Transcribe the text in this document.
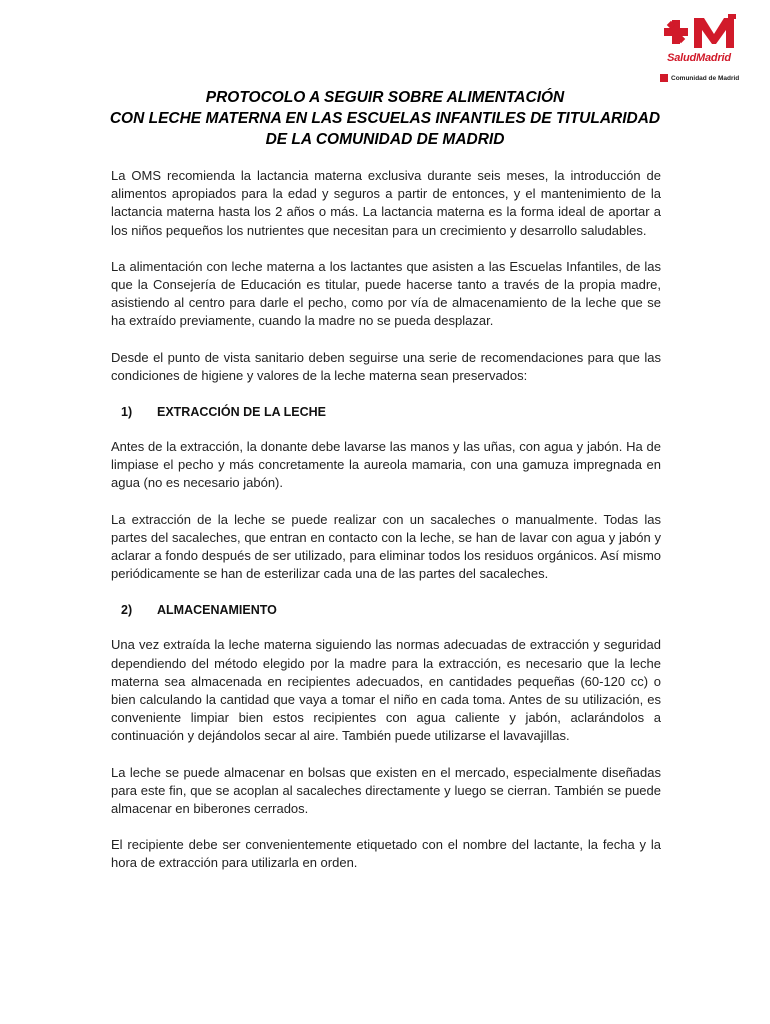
SaludMadrid
Comunidad de Madrid
PROTOCOLO A SEGUIR SOBRE ALIMENTACIÓN
CON LECHE MATERNA EN LAS ESCUELAS INFANTILES DE TITULARIDAD
DE LA COMUNIDAD DE MADRID

La OMS recomienda la lactancia materna exclusiva durante seis meses, la introducción de alimentos apropiados para la edad y seguros a partir de entonces, y el mantenimiento de la lactancia materna hasta los 2 años o más. La lactancia materna es la forma ideal de aportar a los niños pequeños los nutrientes que necesitan para un crecimiento y desarrollo saludables.

La alimentación con leche materna a los lactantes que asisten a las Escuelas Infantiles, de las que la Consejería de Educación es titular, puede hacerse tanto a través de la propia madre, asistiendo al centro para darle el pecho, como por vía de almacenamiento de la leche que se ha extraído previamente, cuando la madre no se pueda desplazar.

Desde el punto de vista sanitario deben seguirse una serie de recomendaciones para que las condiciones de higiene y valores de la leche materna sean preservados:

1) EXTRACCIÓN DE LA LECHE

Antes de la extracción, la donante debe lavarse las manos y las uñas, con agua y jabón. Ha de limpiase el pecho y más concretamente la aureola mamaria, con una gamuza impregnada en agua (no es necesario jabón).

La extracción de la leche se puede realizar con un sacaleches o manualmente. Todas las partes del sacaleches, que entran en contacto con la leche, se han de lavar con agua y jabón y aclarar a fondo después de ser utilizado, para eliminar todos los residuos orgánicos. Así mismo periódicamente se han de esterilizar cada una de las partes del sacaleches.

2) ALMACENAMIENTO

Una vez extraída la leche materna siguiendo las normas adecuadas de extracción y seguridad dependiendo del método elegido por la madre para la extracción, es necesario que la leche materna sea almacenada en recipientes adecuados, en cantidades pequeñas (60-120 cc) o bien calculando la cantidad que vaya a tomar el niño en cada toma. Antes de su utilización, es conveniente limpiar bien estos recipientes con agua caliente y jabón, aclarándolos a continuación y dejándolos secar al aire. También puede utilizarse el lavavajillas.

La leche se puede almacenar en bolsas que existen en el mercado, especialmente diseñadas para este fin, que se acoplan al sacaleches directamente y luego se cierran. También se puede almacenar en biberones cerrados.

El recipiente debe ser convenientemente etiquetado con el nombre del lactante, la fecha y la hora de extracción para utilizarla en orden.
